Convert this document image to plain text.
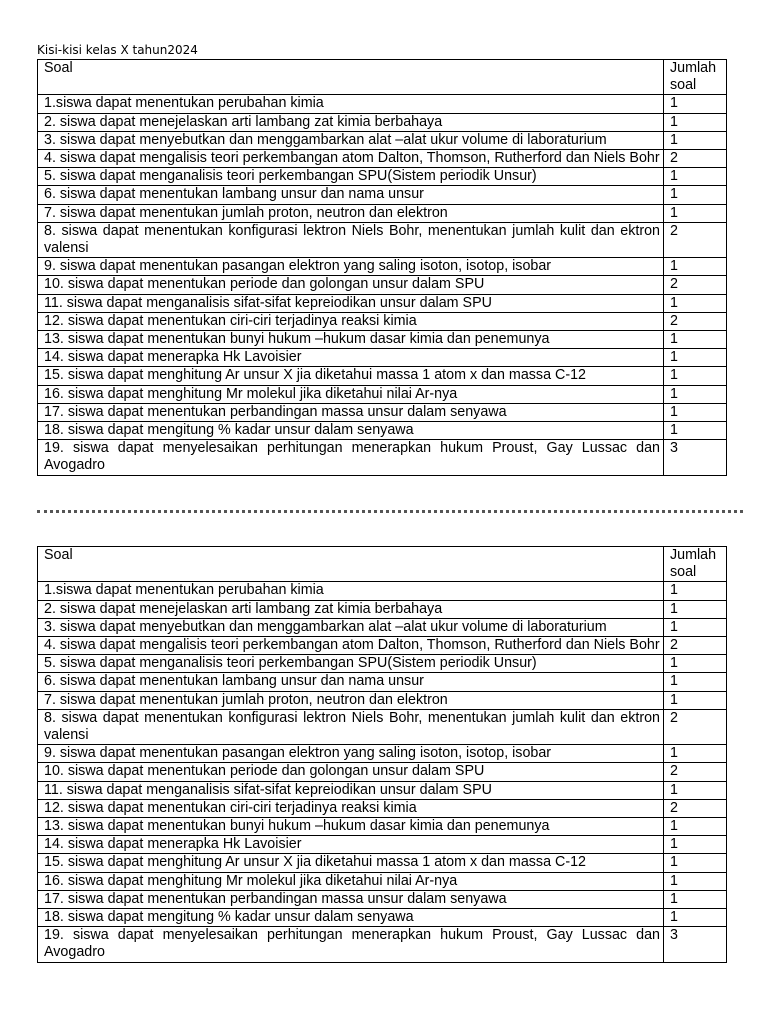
Kisi-kisi kelas X tahun2024
Soal	Jumlah soal
1.siswa dapat menentukan perubahan kimia	1
2. siswa dapat menejelaskan arti lambang zat kimia berbahaya	1
3. siswa dapat menyebutkan dan menggambarkan alat –alat ukur volume di laboraturium	1
4. siswa dapat mengalisis teori perkembangan atom Dalton, Thomson, Rutherford dan Niels Bohr	2
5. siswa dapat menganalisis teori perkembangan SPU(Sistem periodik Unsur)	1
6. siswa dapat menentukan lambang unsur dan nama unsur	1
7. siswa dapat menentukan jumlah proton, neutron dan elektron	1
8. siswa dapat menentukan konfigurasi lektron Niels Bohr, menentukan jumlah kulit dan ektron valensi	2
9. siswa dapat menentukan pasangan elektron yang saling isoton, isotop, isobar	1
10. siswa dapat menentukan periode dan golongan unsur dalam SPU	2
11. siswa dapat menganalisis sifat-sifat kepreiodikan unsur dalam SPU	1
12. siswa dapat menentukan ciri-ciri terjadinya reaksi kimia	2
13. siswa dapat menentukan bunyi hukum –hukum dasar kimia dan penemunya	1
14. siswa dapat menerapka Hk Lavoisier	1
15. siswa dapat menghitung Ar unsur X jia diketahui massa 1 atom x dan massa C-12	1
16. siswa dapat menghitung Mr molekul jika diketahui nilai Ar-nya	1
17. siswa dapat menentukan perbandingan massa unsur dalam senyawa	1
18. siswa dapat mengitung % kadar unsur dalam senyawa	1
19. siswa dapat menyelesaikan perhitungan menerapkan hukum Proust, Gay Lussac dan Avogadro	3
Soal	Jumlah soal
1.siswa dapat menentukan perubahan kimia	1
2. siswa dapat menejelaskan arti lambang zat kimia berbahaya	1
3. siswa dapat menyebutkan dan menggambarkan alat –alat ukur volume di laboraturium	1
4. siswa dapat mengalisis teori perkembangan atom Dalton, Thomson, Rutherford dan Niels Bohr	2
5. siswa dapat menganalisis teori perkembangan SPU(Sistem periodik Unsur)	1
6. siswa dapat menentukan lambang unsur dan nama unsur	1
7. siswa dapat menentukan jumlah proton, neutron dan elektron	1
8. siswa dapat menentukan konfigurasi lektron Niels Bohr, menentukan jumlah kulit dan ektron valensi	2
9. siswa dapat menentukan pasangan elektron yang saling isoton, isotop, isobar	1
10. siswa dapat menentukan periode dan golongan unsur dalam SPU	2
11. siswa dapat menganalisis sifat-sifat kepreiodikan unsur dalam SPU	1
12. siswa dapat menentukan ciri-ciri terjadinya reaksi kimia	2
13. siswa dapat menentukan bunyi hukum –hukum dasar kimia dan penemunya	1
14. siswa dapat menerapka Hk Lavoisier	1
15. siswa dapat menghitung Ar unsur X jia diketahui massa 1 atom x dan massa C-12	1
16. siswa dapat menghitung Mr molekul jika diketahui nilai Ar-nya	1
17. siswa dapat menentukan perbandingan massa unsur dalam senyawa	1
18. siswa dapat mengitung % kadar unsur dalam senyawa	1
19. siswa dapat menyelesaikan perhitungan menerapkan hukum Proust, Gay Lussac dan Avogadro	3
